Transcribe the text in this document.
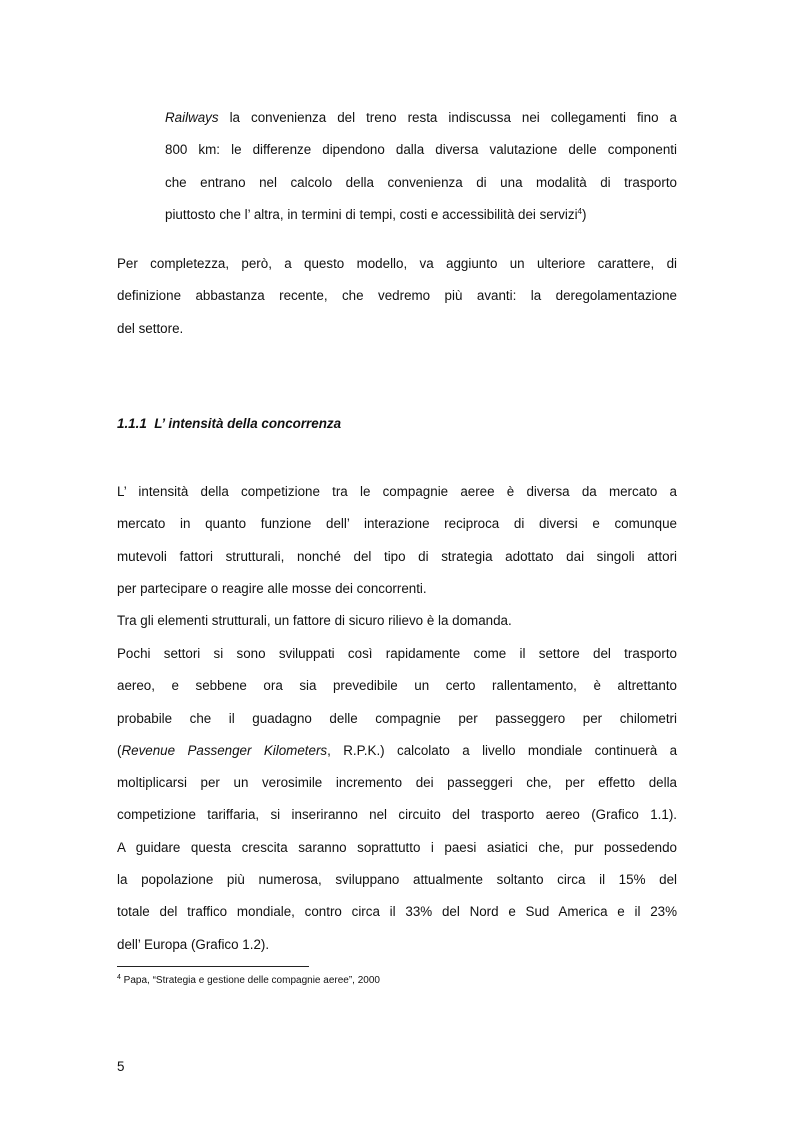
Railways la convenienza del treno resta indiscussa nei collegamenti fino a
800 km: le differenze dipendono dalla diversa valutazione delle componenti
che entrano nel calcolo della convenienza di una modalità di trasporto
piuttosto che l’ altra, in termini di tempi, costi e accessibilità dei servizi$^4$)
Per completezza, però, a questo modello, va aggiunto un ulteriore carattere, di
definizione abbastanza recente, che vedremo più avanti: la deregolamentazione
del settore.
1.1.1 L’ intensità della concorrenza
L’ intensità della competizione tra le compagnie aeree è diversa da mercato a
mercato in quanto funzione dell’ interazione reciproca di diversi e comunque
mutevoli fattori strutturali, nonché del tipo di strategia adottato dai singoli attori
per partecipare o reagire alle mosse dei concorrenti.
Tra gli elementi strutturali, un fattore di sicuro rilievo è la domanda.
Pochi settori si sono sviluppati così rapidamente come il settore del trasporto
aereo, e sebbene ora sia prevedibile un certo rallentamento, è altrettanto
probabile che il guadagno delle compagnie per passeggero per chilometri
(Revenue Passenger Kilometers, R.P.K.) calcolato a livello mondiale continuerà a
moltiplicarsi per un verosimile incremento dei passeggeri che, per effetto della
competizione tariffaria, si inseriranno nel circuito del trasporto aereo (Grafico 1.1).
A guidare questa crescita saranno soprattutto i paesi asiatici che, pur possedendo
la popolazione più numerosa, sviluppano attualmente soltanto circa il 15% del
totale del traffico mondiale, contro circa il 33% del Nord e Sud America e il 23%
dell’ Europa (Grafico 1.2).
$^4$ Papa, “Strategia e gestione delle compagnie aeree”, 2000
5
